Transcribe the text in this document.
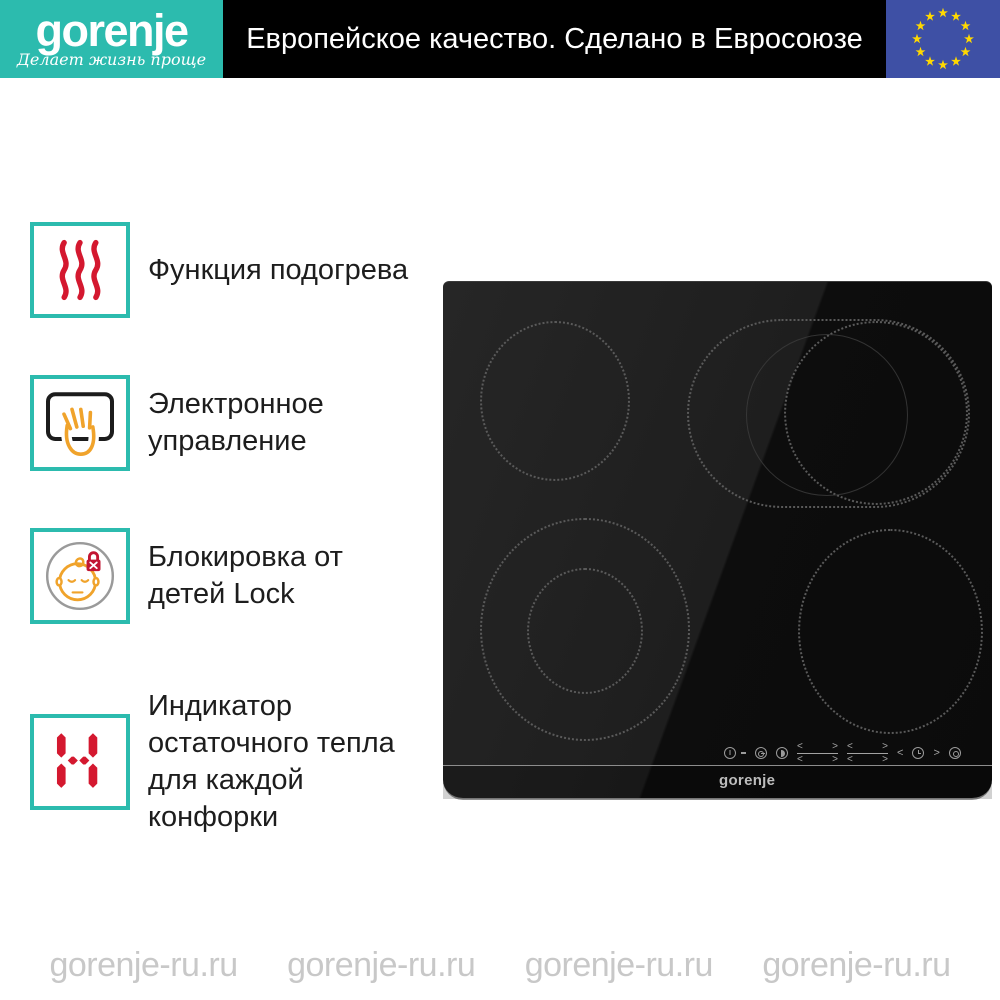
gorenje
Делает жизнь проще
Европейское качество. Сделано в Евросоюзе
Функция подогрева
Электронное
управление
Блокировка от
детей Lock
Индикатор
остаточного тепла
для каждой
конфорки
<	>
<	>
<	>
<	>
<	>
gorenje
gorenje-ru.ru gorenje-ru.ru gorenje-ru.ru gorenje-ru.ru
